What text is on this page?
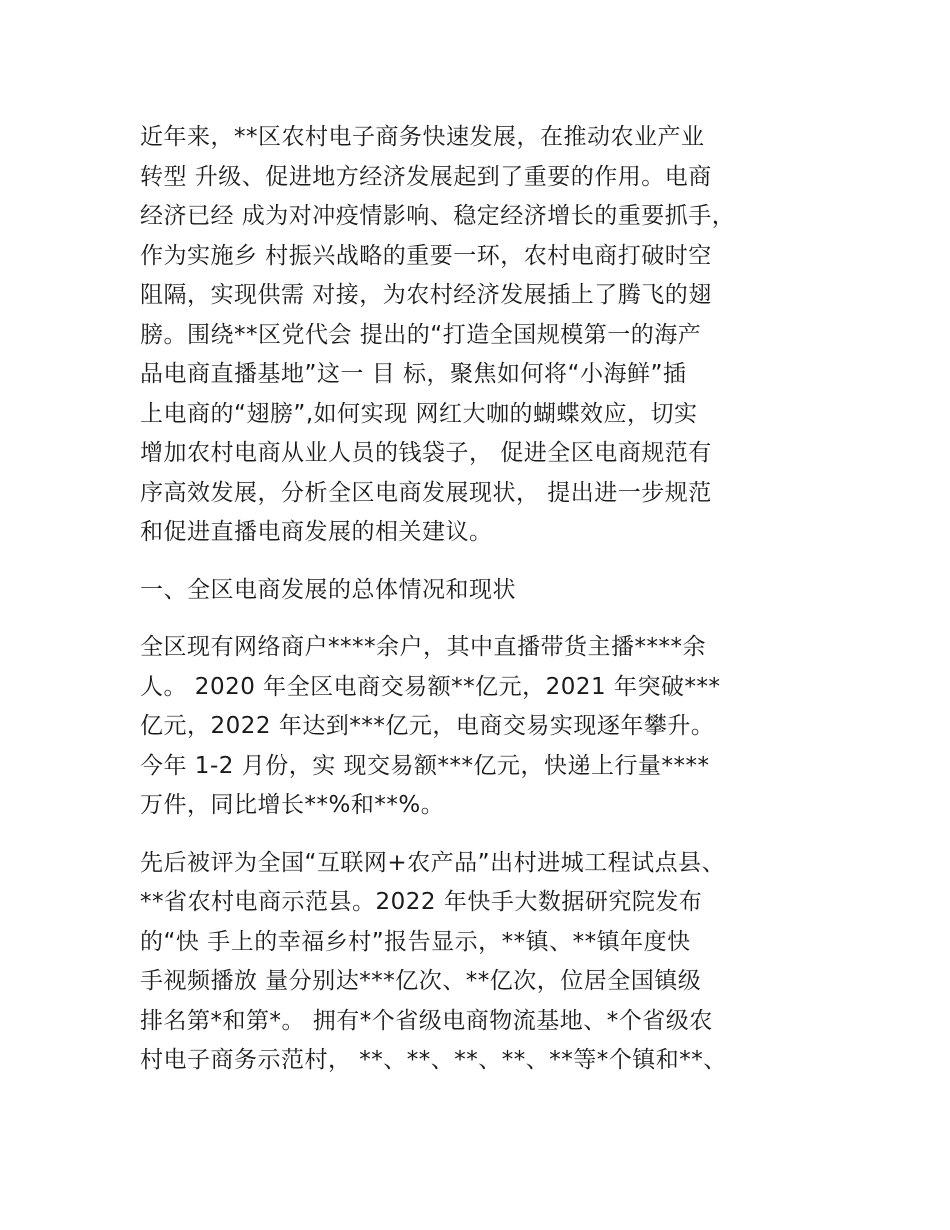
近年来，**区农村电子商务快速发展，在推动农业产业
转型 升级、促进地方经济发展起到了重要的作用。电商
经济已经 成为对冲疫情影响、稳定经济增长的重要抓手，
作为实施乡 村振兴战略的重要一环，农村电商打破时空
阻隔，实现供需 对接，为农村经济发展插上了腾飞的翅
膀。围绕**区党代会 提出的“打造全国规模第一的海产
品电商直播基地”这一 目 标，聚焦如何将“小海鲜”插
上电商的“翅膀”,如何实现 网红大咖的蝴蝶效应，切实
增加农村电商从业人员的钱袋子， 促进全区电商规范有
序高效发展，分析全区电商发展现状， 提出进一步规范
和促进直播电商发展的相关建议。
一、全区电商发展的总体情况和现状
全区现有网络商户****余户，其中直播带货主播****余
人。 2020 年全区电商交易额**亿元，2021 年突破***
亿元，2022 年达到***亿元，电商交易实现逐年攀升。
今年 1-2 月份，实 现交易额***亿元，快递上行量****
万件，同比增长**%和**%。
先后被评为全国“互联网+农产品”出村进城工程试点县、
**省农村电商示范县。2022 年快手大数据研究院发布
的“快 手上的幸福乡村”报告显示，**镇、**镇年度快
手视频播放 量分别达***亿次、**亿次，位居全国镇级
排名第*和第*。 拥有*个省级电商物流基地、*个省级农
村电子商务示范村， **、**、**、**、**等*个镇和**、
